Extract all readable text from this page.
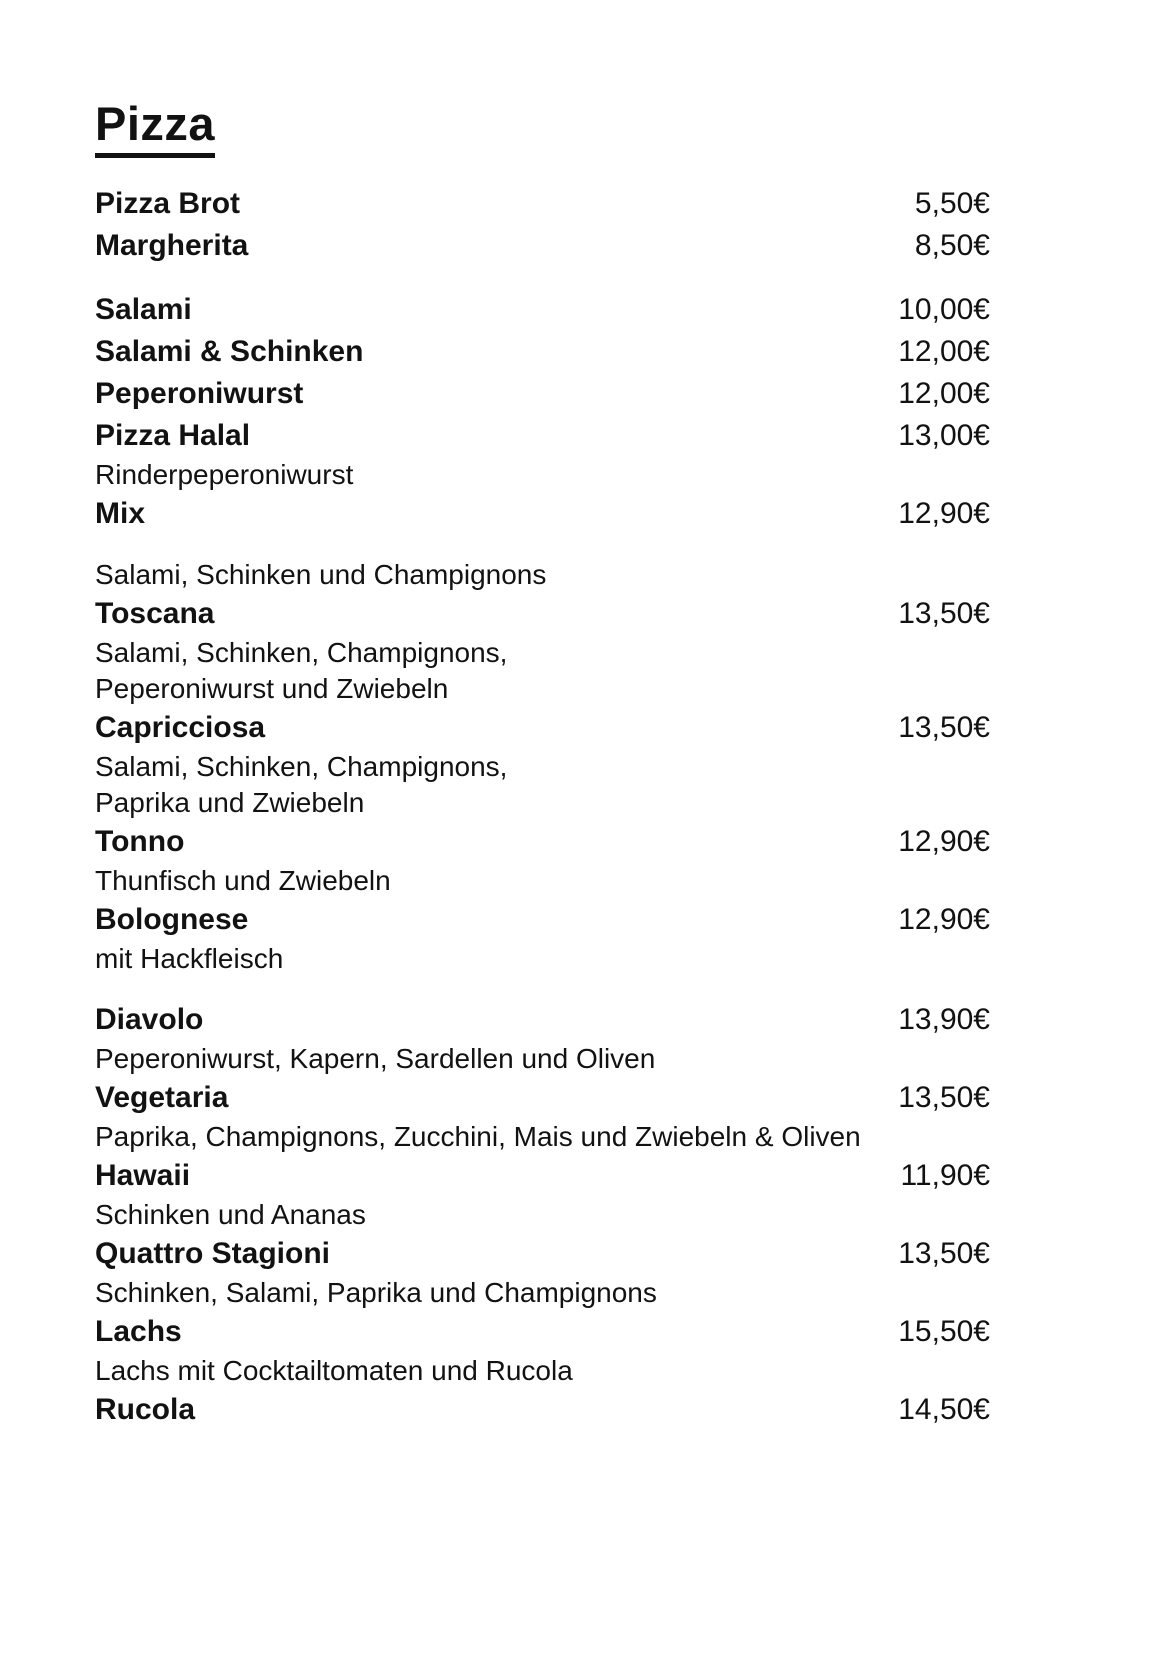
Pizza
Pizza Brot	5,50€
Margherita	8,50€
Salami	10,00€
Salami & Schinken	12,00€
Peperoniwurst	12,00€
Pizza Halal	13,00€
Rinderpeperoniwurst
Mix	12,90€
Salami, Schinken und Champignons
Toscana	13,50€
Salami, Schinken, Champignons,
Peperoniwurst und Zwiebeln
Capricciosa	13,50€
Salami, Schinken, Champignons,
Paprika und Zwiebeln
Tonno	12,90€
Thunfisch und Zwiebeln
Bolognese	12,90€
mit Hackfleisch
Diavolo	13,90€
Peperoniwurst, Kapern, Sardellen und Oliven
Vegetaria	13,50€
Paprika, Champignons, Zucchini, Mais und Zwiebeln & Oliven
Hawaii	11,90€
Schinken und Ananas
Quattro Stagioni	13,50€
Schinken, Salami, Paprika und Champignons
Lachs	15,50€
Lachs mit Cocktailtomaten und Rucola
Rucola	14,50€
